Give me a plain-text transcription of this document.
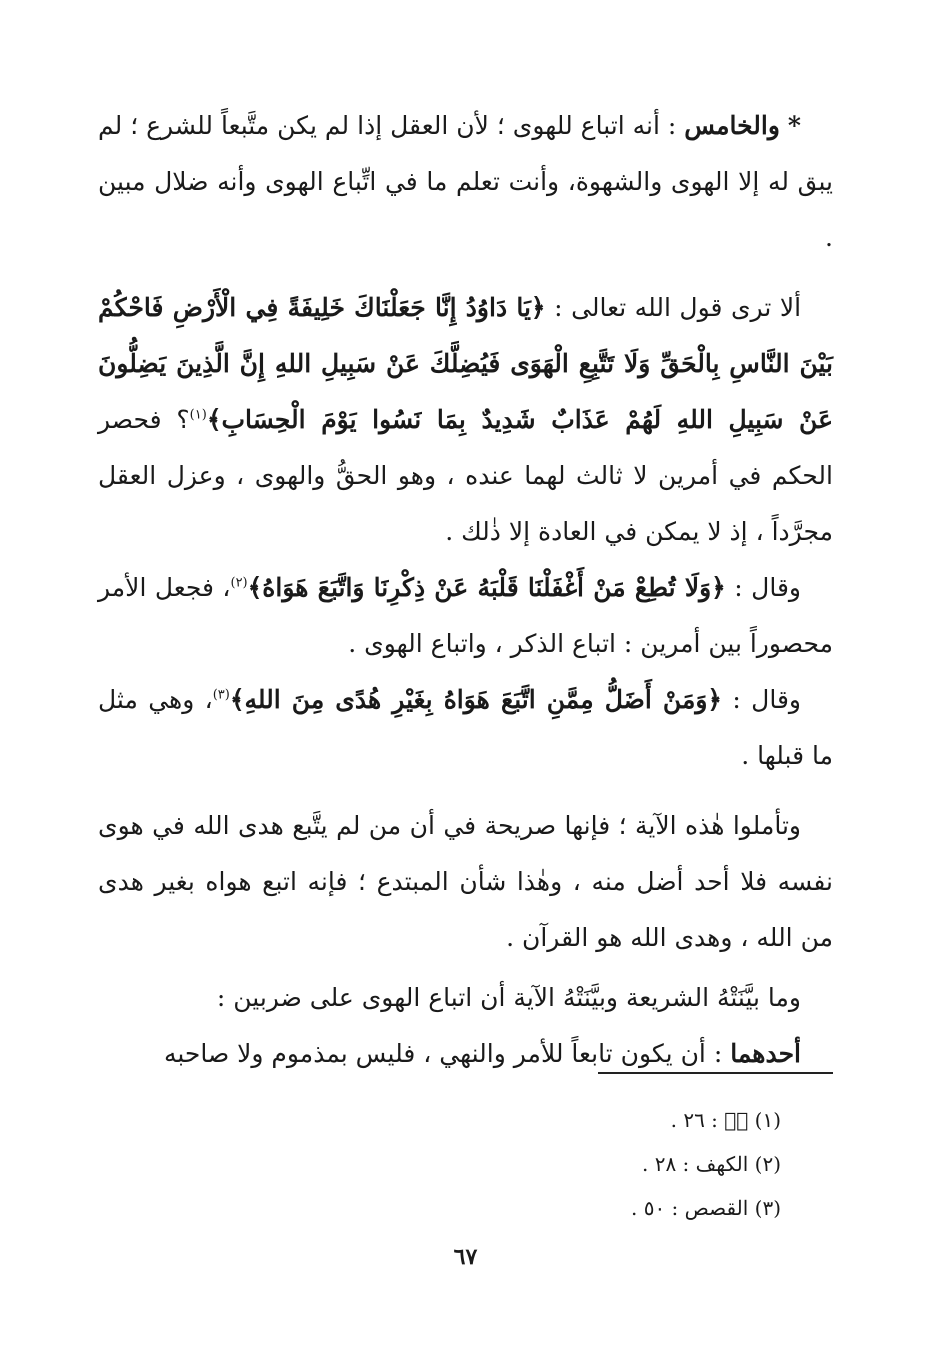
* والخامس : أنه اتباع للهوى ؛ لأن العقل إذا لم يكن متَّبعاً للشرع ؛ لم يبق له إلا الهوى والشهوة، وأنت تعلم ما في اتِّباع الهوى وأنه ضلال مبين .

ألا ترى قول الله تعالى : ﴿يَا دَاوُدُ إِنَّا جَعَلْنَاكَ خَلِيفَةً فِي الْأَرْضِ فَاحْكُمْ بَيْنَ النَّاسِ بِالْحَقِّ وَلَا تَتَّبِعِ الْهَوَى فَيُضِلَّكَ عَنْ سَبِيلِ اللهِ إِنَّ الَّذِينَ يَضِلُّونَ عَنْ سَبِيلِ اللهِ لَهُمْ عَذَابٌ شَدِيدٌ بِمَا نَسُوا يَوْمَ الْحِسَابِ﴾$^{(١)}$؟ فحصر الحكم في أمرين لا ثالث لهما عنده ، وهو الحقُّ والهوى ، وعزل العقل مجرَّداً ، إذ لا يمكن في العادة إلا ذٰلك .

وقال : ﴿وَلَا تُطِعْ مَنْ أَغْفَلْنَا قَلْبَهُ عَنْ ذِكْرِنَا وَاتَّبَعَ هَوَاهُ﴾$^{(٢)}$، فجعل الأمر محصوراً بين أمرين : اتباع الذكر ، واتباع الهوى .

وقال : ﴿وَمَنْ أَضَلُّ مِمَّنِ اتَّبَعَ هَوَاهُ بِغَيْرِ هُدًى مِنَ اللهِ﴾$^{(٣)}$، وهي مثل ما قبلها .

وتأملوا هٰذه الآية ؛ فإنها صريحة في أن من لم يتَّبع هدى الله في هوى نفسه فلا أحد أضل منه ، وهٰذا شأن المبتدع ؛ فإنه اتبع هواه بغير هدى من الله ، وهدى الله هو القرآن .

وما بيَّنَتْهُ الشريعة وبيَّنَتْهُ الآية أن اتباع الهوى على ضربين :

أحدهما : أن يكون تابعاً للأمر والنهي ، فليس بمذموم ولا صاحبه

(١) صۤ : ٢٦ .

(٢) الكهف : ٢٨ .

(٣) القصص : ٥٠ .

٦٧
